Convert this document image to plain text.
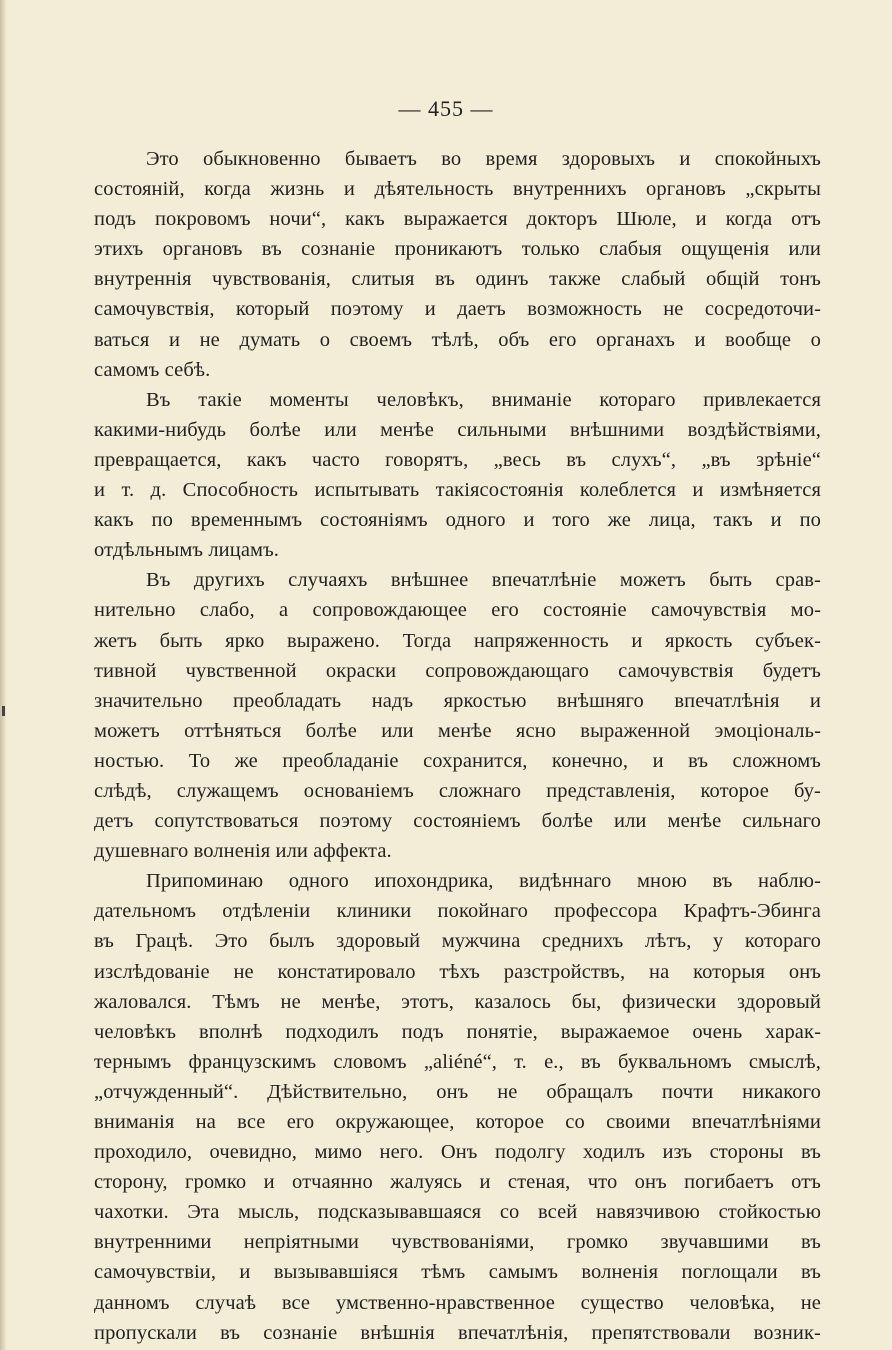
— 455 —
Это обыкновенно бываетъ во время здоровыхъ и спокойныхъ
состояній, когда жизнь и дѣятельность внутреннихъ органовъ „скрыты
подъ покровомъ ночи“, какъ выражается докторъ Шюле, и когда отъ
этихъ органовъ въ сознаніе проникаютъ только слабыя ощущенія или
внутреннія чувствованія, слитыя въ одинъ также слабый общій тонъ
самочувствія, который поэтому и даетъ возможность не сосредоточи-
ваться и не думать о своемъ тѣлѣ, объ его органахъ и вообще о
самомъ себѣ.
Въ такіе моменты человѣкъ, вниманіе котораго привлекается
какими-нибудь болѣе или менѣе сильными внѣшними воздѣйствіями,
превращается, какъ часто говорятъ, „весь въ слухъ“, „въ зрѣніе“
и т. д. Способность испытывать такіясостоянія колеблется и измѣняется
какъ по временнымъ состояніямъ одного и того же лица, такъ и по
отдѣльнымъ лицамъ.
Въ другихъ случаяхъ внѣшнее впечатлѣніе можетъ быть срав-
нительно слабо, а сопровождающее его состояніе самочувствія мо-
жетъ быть ярко выражено. Тогда напряженность и яркость субъек-
тивной чувственной окраски сопровождающаго самочувствія будетъ
значительно преобладать надъ яркостью внѣшняго впечатлѣнія и
можетъ оттѣняться болѣе или менѣе ясно выраженной эмоціональ-
ностью. То же преобладаніе сохранится, конечно, и въ сложномъ
слѣдѣ, служащемъ основаніемъ сложнаго представленія, которое бу-
детъ сопутствоваться поэтому состояніемъ болѣе или менѣе сильнаго
душевнаго волненія или аффекта.
Припоминаю одного ипохондрика, видѣннаго мною въ наблю-
дательномъ отдѣленіи клиники покойнаго профессора Крафтъ-Эбинга
въ Грацѣ. Это былъ здоровый мужчина среднихъ лѣтъ, у котораго
изслѣдованіе не констатировало тѣхъ разстройствъ, на которыя онъ
жаловался. Тѣмъ не менѣе, этотъ, казалось бы, физически здоровый
человѣкъ вполнѣ подходилъ подъ понятіе, выражаемое очень харак-
тернымъ французскимъ словомъ „aliéné“, т. е., въ буквальномъ смыслѣ,
„отчужденный“. Дѣйствительно, онъ не обращалъ почти никакого
вниманія на все его окружающее, которое со своими впечатлѣніями
проходило, очевидно, мимо него. Онъ подолгу ходилъ изъ стороны въ
сторону, громко и отчаянно жалуясь и стеная, что онъ погибаетъ отъ
чахотки. Эта мысль, подсказывавшаяся со всей навязчивою стойкостью
внутренними непріятными чувствованіями, громко звучавшими въ
самочувствіи, и вызывавшіяся тѣмъ самымъ волненія поглощали въ
данномъ случаѣ все умственно-нравственное существо человѣка, не
пропускали въ сознаніе внѣшнія впечатлѣнія, препятствовали возник-
